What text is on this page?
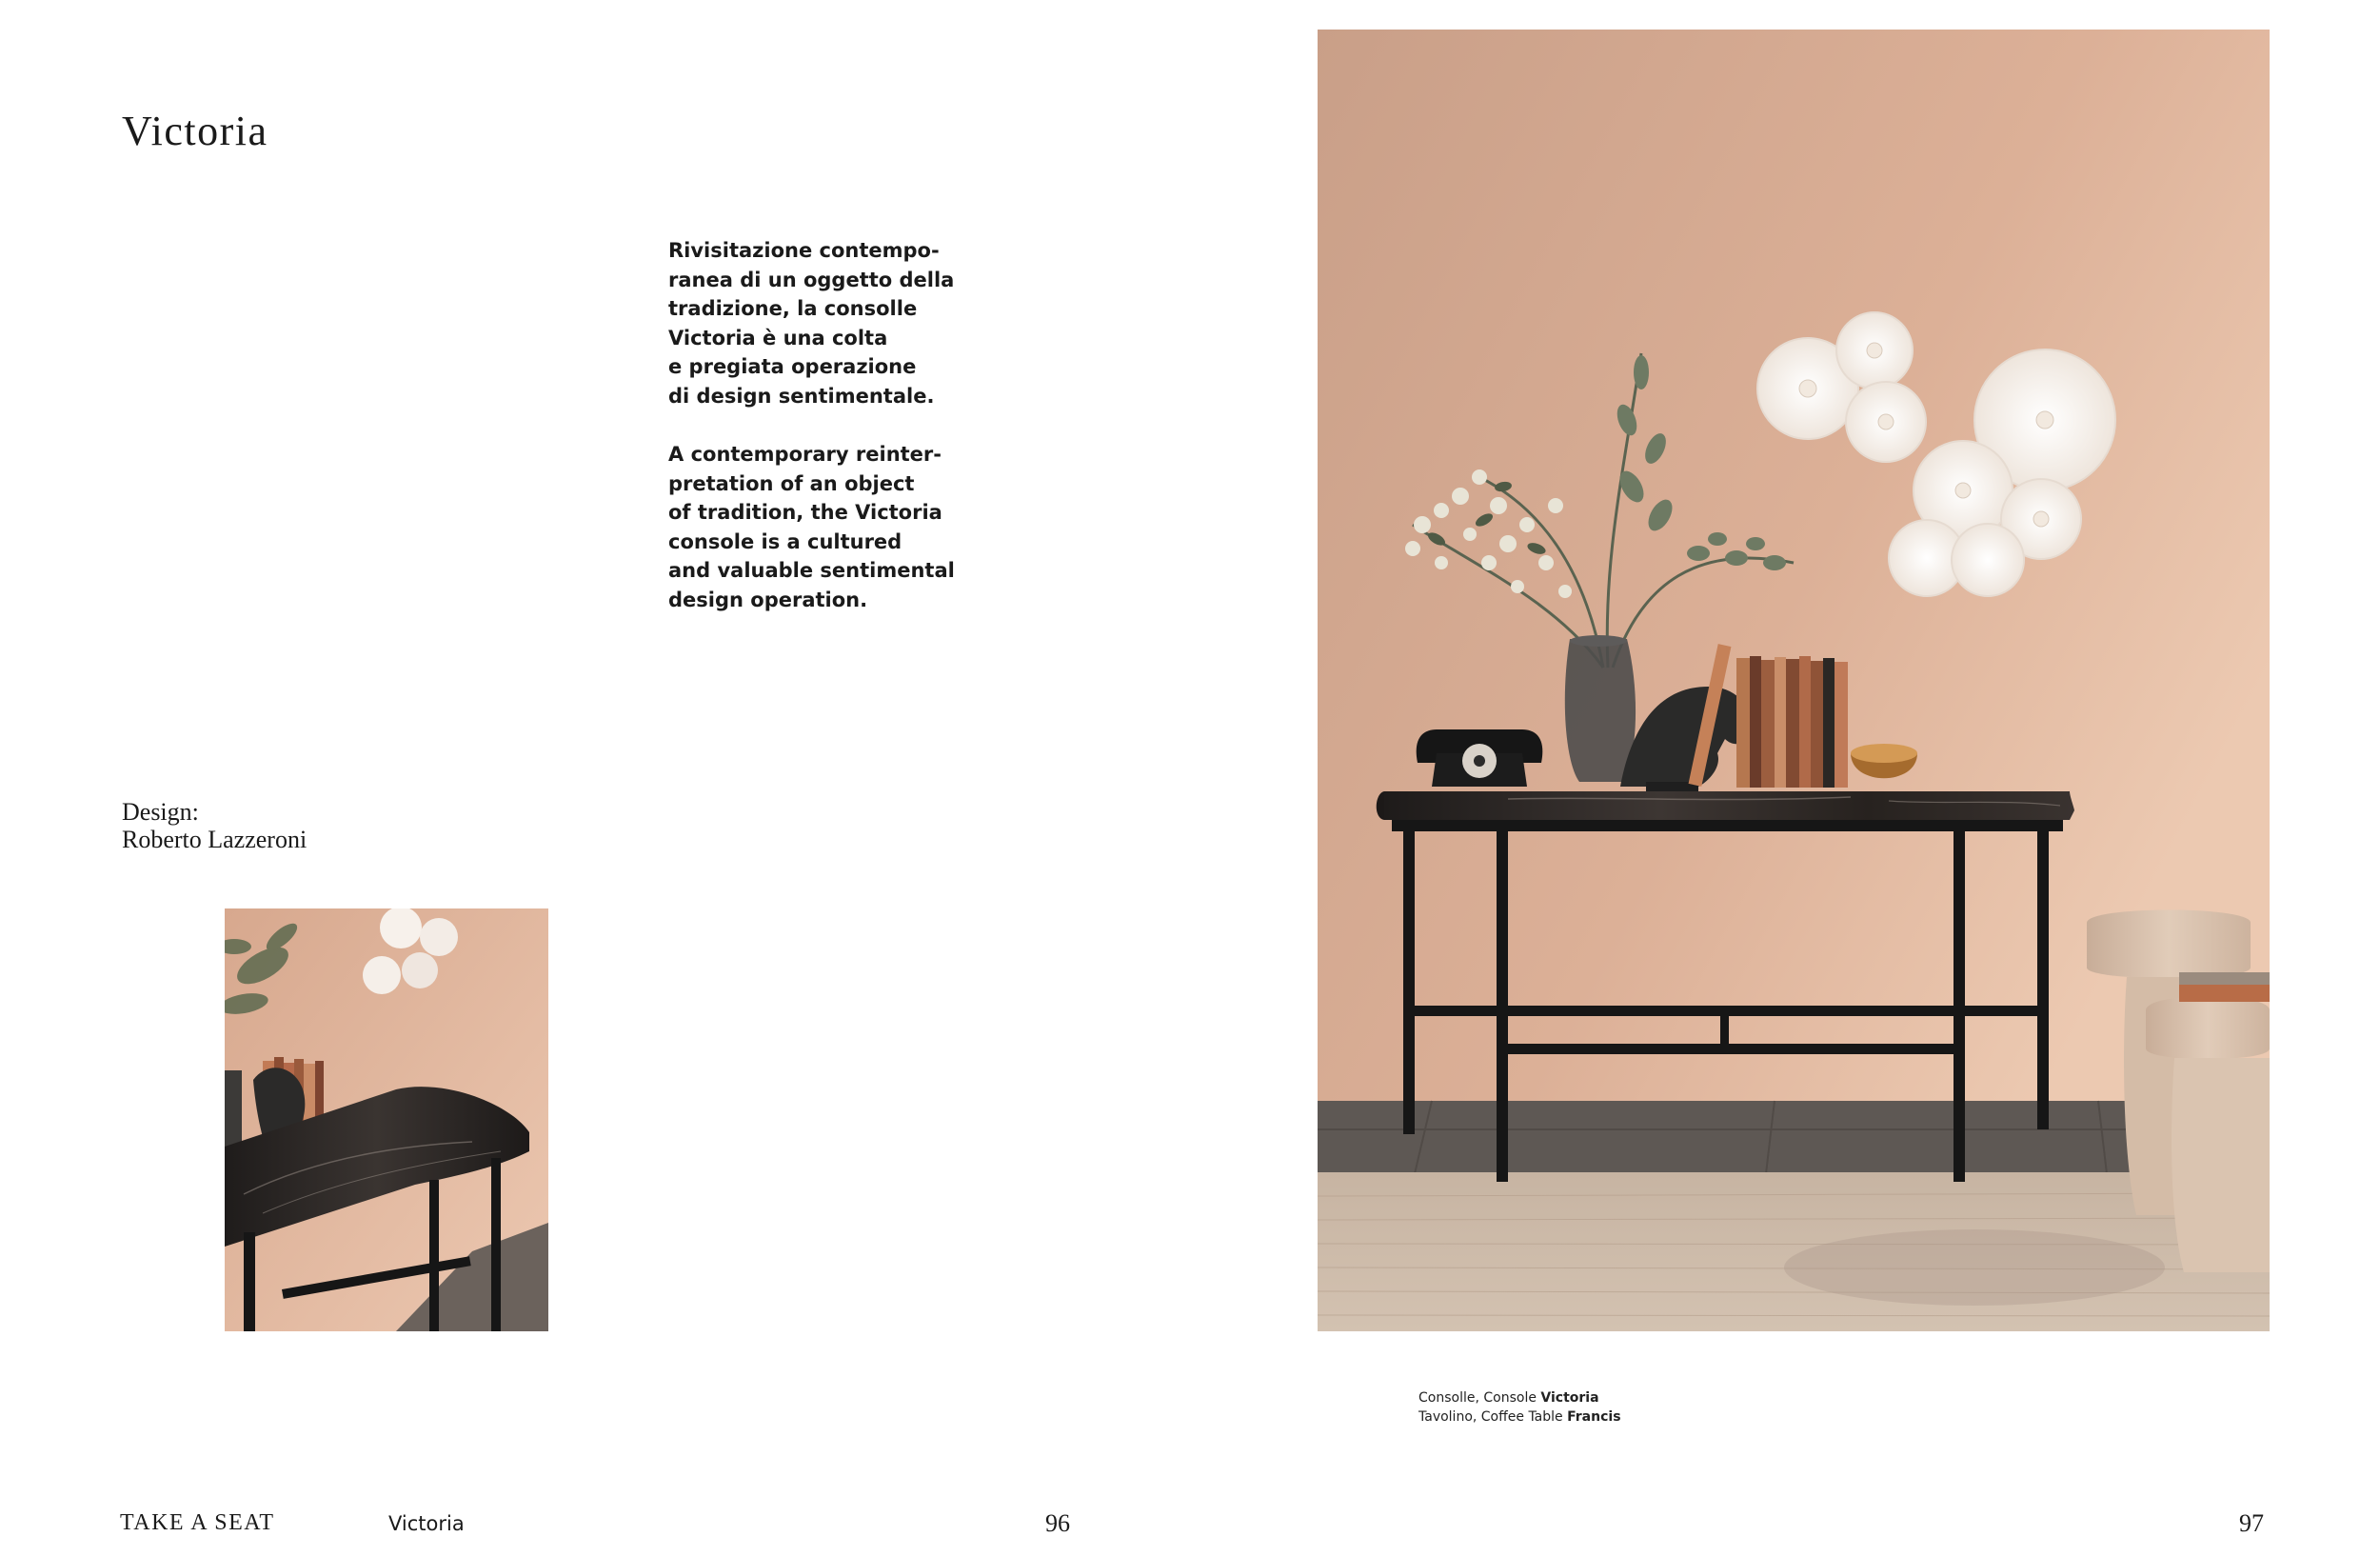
Victoria

Rivisitazione contempo-
ranea di un oggetto della
tradizione, la consolle
Victoria è una colta
e pregiata operazione
di design sentimentale.

A contemporary reinter-
pretation of an object
of tradition, the Victoria
console is a cultured
and valuable sentimental
design operation.

Design:
Roberto Lazzeroni
Consolle, Console Victoria
Tavolino, Coffee Table Francis
TAKE A SEAT	Victoria	96	97
